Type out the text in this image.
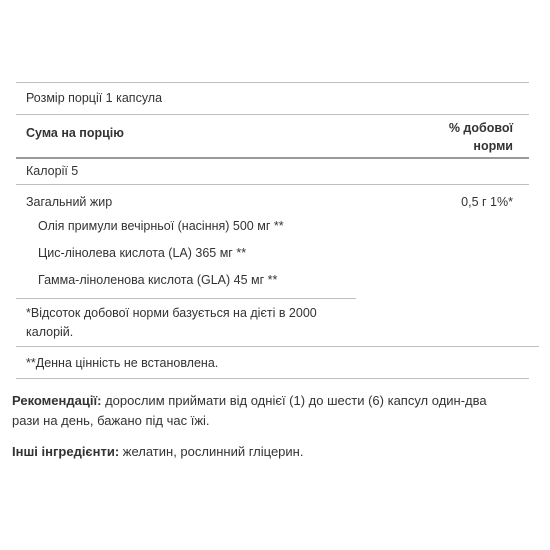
Розмір порції 1 капсула
Сума на порцію	% добової
норми
Калорії 5
Загальний жир	0,5 г 1%*
Олія примули вечірньої (насіння) 500 мг **
Цис-лінолева кислота (LA) 365 мг **
Гамма-ліноленова кислота (GLA) 45 мг **
*Відсоток добової норми базується на дієті в 2000 калорій.
**Денна цінність не встановлена.
Рекомендації: дорослим приймати від однієї (1) до шести (6) капсул один-два рази на день, бажано під час їжі.
Інші інгредієнти: желатин, рослинний гліцерин.
